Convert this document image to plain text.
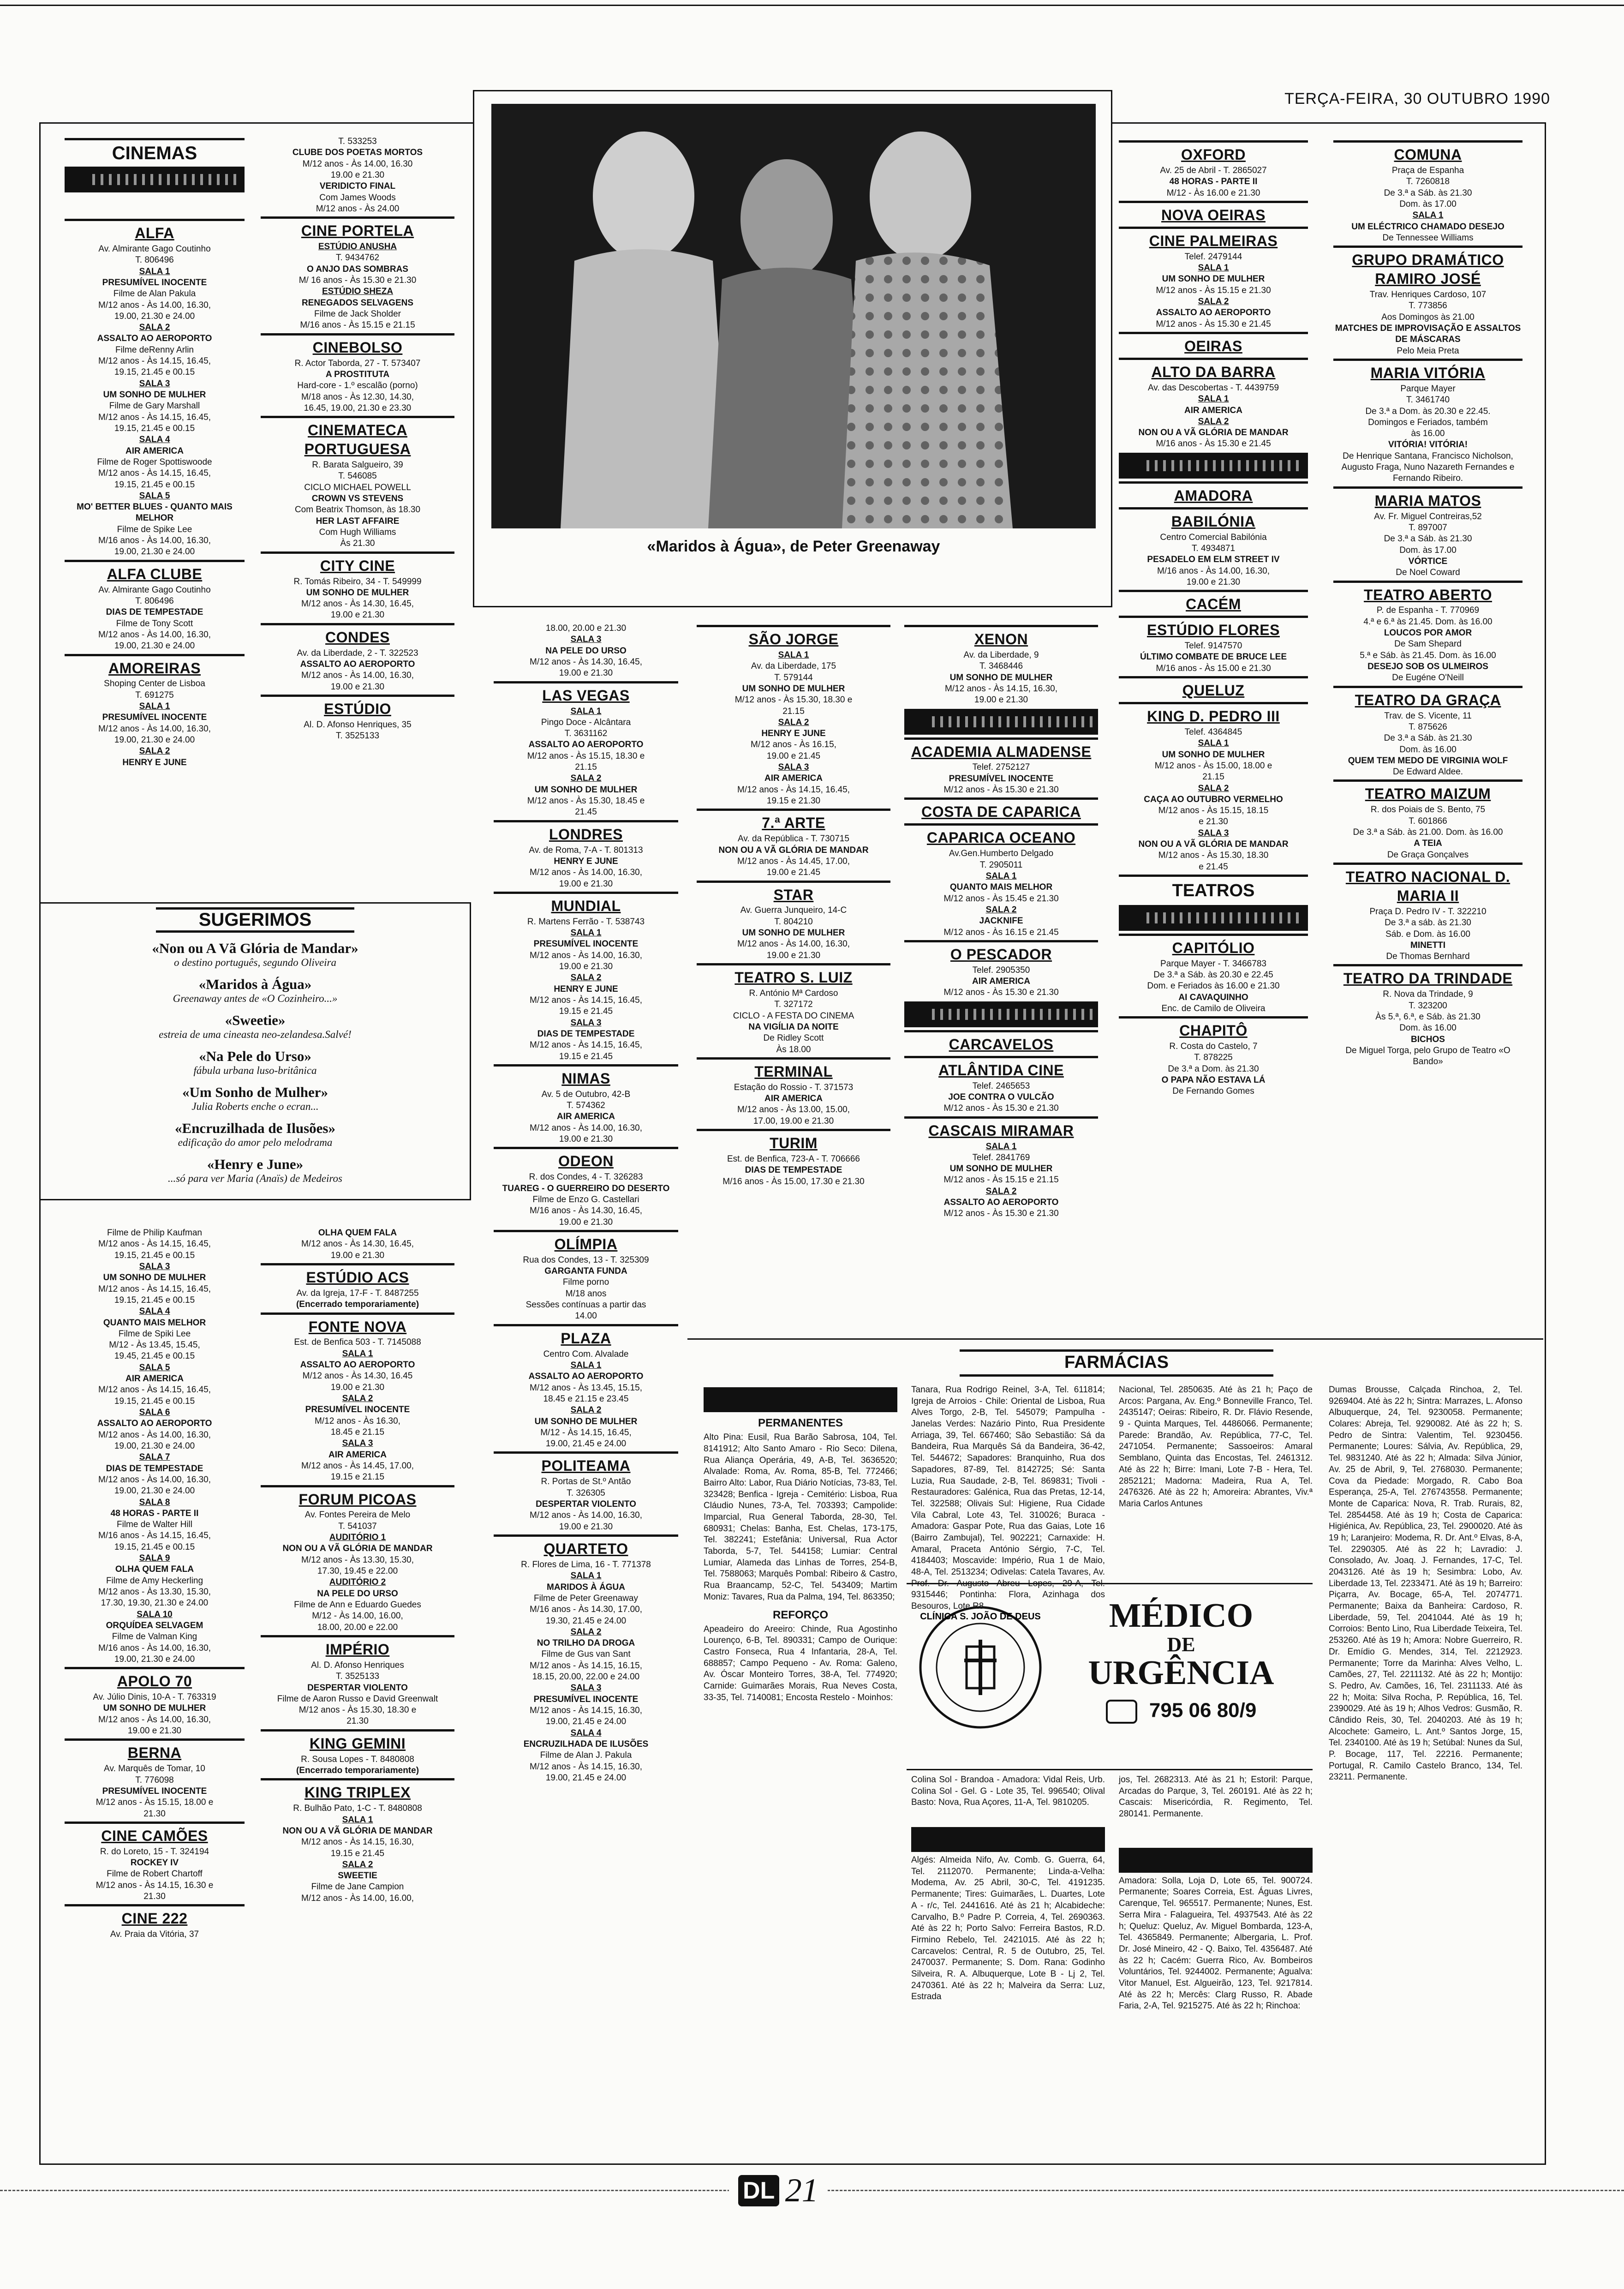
TERÇA-FEIRA, 30 OUTUBRO 1990
CINEMAS
ALFA
Av. Almirante Gago Coutinho
T. 806496
SALA 1
PRESUMÍVEL INOCENTE
Filme de Alan Pakula
M/12 anos - Às 14.00, 16.30,
19.00, 21.30 e 24.00
SALA 2
ASSALTO AO AEROPORTO
Filme deRenny Arlin
M/12 anos - Às 14.15, 16.45,
19.15, 21.45 e 00.15
SALA 3
UM SONHO DE MULHER
Filme de Gary Marshall
M/12 anos - Às 14.15, 16.45,
19.15, 21.45 e 00.15
SALA 4
AIR AMERICA
Filme de Roger Spottiswoode
M/12 anos - Às 14.15, 16.45,
19.15, 21.45 e 00.15
SALA 5
MO' BETTER BLUES - QUANTO MAIS MELHOR
Filme de Spike Lee
M/16 anos - Às 14.00, 16.30,
19.00, 21.30 e 24.00
ALFA CLUBE
Av. Almirante Gago Coutinho
T. 806496
DIAS DE TEMPESTADE
Filme de Tony Scott
M/12 anos - Às 14.00, 16.30,
19.00, 21.30 e 24.00
AMOREIRAS
Shoping Center de Lisboa
T. 691275
SALA 1
PRESUMÍVEL INOCENTE
M/12 anos - Às 14.00, 16.30,
19.00, 21.30 e 24.00
SALA 2
HENRY E JUNE
T. 533253
CLUBE DOS POETAS MORTOS
M/12 anos - Às 14.00, 16.30
19.00 e 21.30
VERIDICTO FINAL
Com James Woods
M/12 anos - Às 24.00
CINE PORTELA
ESTÚDIO ANUSHA
T. 9434762
O ANJO DAS SOMBRAS
M/ 16 anos - Às 15.30 e 21.30
ESTÚDIO SHEZA
RENEGADOS SELVAGENS
Filme de Jack Sholder
M/16 anos - Às 15.15 e 21.15
CINEBOLSO
R. Actor Taborda, 27 - T. 573407
A PROSTITUTA
Hard-core - 1.º escalão (porno)
M/18 anos - Às 12.30, 14.30,
16.45, 19.00, 21.30 e 23.30
CINEMATECA PORTUGUESA
R. Barata Salgueiro, 39
T. 546085
CICLO MICHAEL POWELL
CROWN VS STEVENS
Com Beatrix Thomson, às 18.30
HER LAST AFFAIRE
Com Hugh Williams
Às 21.30
CITY CINE
R. Tomás Ribeiro, 34 - T. 549999
UM SONHO DE MULHER
M/12 anos - Às 14.30, 16.45,
19.00 e 21.30
CONDES
Av. da Liberdade, 2 - T. 322523
ASSALTO AO AEROPORTO
M/12 anos - Às 14.00, 16.30,
19.00 e 21.30
ESTÚDIO
Al. D. Afonso Henriques, 35
T. 3525133
Filme de Philip Kaufman
M/12 anos - Às 14.15, 16.45,
19.15, 21.45 e 00.15
SALA 3
UM SONHO DE MULHER
M/12 anos - Às 14.15, 16.45,
19.15, 21.45 e 00.15
SALA 4
QUANTO MAIS MELHOR
Filme de Spiki Lee
M/12 - Às 13.45, 15.45,
19.45, 21.45 e 00.15
SALA 5
AIR AMERICA
M/12 anos - Às 14.15, 16.45,
19.15, 21.45 e 00.15
SALA 6
ASSALTO AO AEROPORTO
M/12 anos - Às 14.00, 16.30,
19.00, 21.30 e 24.00
SALA 7
DIAS DE TEMPESTADE
M/12 anos - Às 14.00, 16.30,
19.00, 21.30 e 24.00
SALA 8
48 HORAS - PARTE II
Filme de Walter Hill
M/16 anos - Às 14.15, 16.45,
19.15, 21.45 e 00.15
SALA 9
OLHA QUEM FALA
Filme de Amy Heckerling
M/12 anos - Às 13.30, 15.30,
17.30, 19.30, 21.30 e 24.00
SALA 10
ORQUÍDEA SELVAGEM
Filme de Valman King
M/16 anos - Às 14.00, 16.30,
19.00, 21.30 e 24.00
APOLO 70
Av. Júlio Dinis, 10-A - T. 763319
UM SONHO DE MULHER
M/12 anos - Às 14.00, 16.30,
19.00 e 21.30
BERNA
Av. Marquês de Tomar, 10
T. 776098
PRESUMÍVEL INOCENTE
M/12 anos - Às 15.15, 18.00 e
21.30
CINE CAMÕES
R. do Loreto, 15 - T. 324194
ROCKEY IV
Filme de Robert Chartoff
M/12 anos - Às 14.15, 16.30 e
21.30
CINE 222
Av. Praia da Vitória, 37
OLHA QUEM FALA
M/12 anos - Às 14.30, 16.45,
19.00 e 21.30
ESTÚDIO ACS
Av. da Igreja, 17-F - T. 8487255
(Encerrado temporariamente)
FONTE NOVA
Est. de Benfica 503 - T. 7145088
SALA 1
ASSALTO AO AEROPORTO
M/12 anos - Às 14.30, 16.45
19.00 e 21.30
SALA 2
PRESUMÍVEL INOCENTE
M/12 anos - Às 16.30,
18.45 e 21.15
SALA 3
AIR AMERICA
M/12 anos - Às 14.45, 17.00,
19.15 e 21.15
FORUM PICOAS
Av. Fontes Pereira de Melo
T. 541037
AUDITÓRIO 1
NON OU A VÃ GLÓRIA DE MANDAR
M/12 anos - Às 13.30, 15.30,
17.30, 19.45 e 22.00
AUDITÓRIO 2
NA PELE DO URSO
Filme de Ann e Eduardo Guedes
M/12 - Às 14.00, 16.00,
18.00, 20.00 e 22.00
IMPÉRIO
Al. D. Afonso Henriques
T. 3525133
DESPERTAR VIOLENTO
Filme de Aaron Russo e David Greenwalt
M/12 anos - Às 15.30, 18.30 e
21.30
KING GEMINI
R. Sousa Lopes - T. 8480808
(Encerrado temporariamente)
KING TRIPLEX
R. Bulhão Pato, 1-C - T. 8480808
SALA 1
NON OU A VÃ GLÓRIA DE MANDAR
M/12 anos - Às 14.15, 16.30,
19.15 e 21.45
SALA 2
SWEETIE
Filme de Jane Campion
M/12 anos - Às 14.00, 16.00,
18.00, 20.00 e 21.30
SALA 3
NA PELE DO URSO
M/12 anos - Às 14.30, 16.45,
19.00 e 21.30
LAS VEGAS
SALA 1
Pingo Doce - Alcântara
T. 3631162
ASSALTO AO AEROPORTO
M/12 anos - Às 15.15, 18.30 e
21.15
SALA 2
UM SONHO DE MULHER
M/12 anos - Às 15.30, 18.45 e
21.45
LONDRES
Av. de Roma, 7-A - T. 801313
HENRY E JUNE
M/12 anos - Às 14.00, 16.30,
19.00 e 21.30
MUNDIAL
R. Martens Ferrão - T. 538743
SALA 1
PRESUMÍVEL INOCENTE
M/12 anos - Às 14.00, 16.30,
19.00 e 21.30
SALA 2
HENRY E JUNE
M/12 anos - Às 14.15, 16.45,
19.15 e 21.45
SALA 3
DIAS DE TEMPESTADE
M/12 anos - Às 14.15, 16.45,
19.15 e 21.45
NIMAS
Av. 5 de Outubro, 42-B
T. 574362
AIR AMERICA
M/12 anos - Às 14.00, 16.30,
19.00 e 21.30
ODEON
R. dos Condes, 4 - T. 326283
TUAREG - O GUERREIRO DO DESERTO
Filme de Enzo G. Castellari
M/16 anos - Às 14.30, 16.45,
19.00 e 21.30
OLÍMPIA
Rua dos Condes, 13 - T. 325309
GARGANTA FUNDA
Filme porno
M/18 anos
Sessões contínuas a partir das
14.00
PLAZA
Centro Com. Alvalade
SALA 1
ASSALTO AO AEROPORTO
M/12 anos - Às 13.45, 15.15,
18.45 e 21.15 e 23.45
SALA 2
UM SONHO DE MULHER
M/12 - Às 14.15, 16.45,
19.00, 21.45 e 24.00
POLITEAMA
R. Portas de St.º Antão
T. 326305
DESPERTAR VIOLENTO
M/12 anos - Às 14.00, 16.30,
19.00 e 21.30
QUARTETO
R. Flores de Lima, 16 - T. 771378
SALA 1
MARIDOS À ÁGUA
Filme de Peter Greenaway
M/16 anos - Às 14.30, 17.00,
19.30, 21.45 e 24.00
SALA 2
NO TRILHO DA DROGA
Filme de Gus van Sant
M/12 anos - Às 14.15, 16.15,
18.15, 20.00, 22.00 e 24.00
SALA 3
PRESUMÍVEL INOCENTE
M/12 anos - Às 14.15, 16.30,
19.00, 21.45 e 24.00
SALA 4
ENCRUZILHADA DE ILUSÕES
Filme de Alan J. Pakula
M/12 anos - Às 14.15, 16.30,
19.00, 21.45 e 24.00
SÃO JORGE
SALA 1
Av. da Liberdade, 175
T. 579144
UM SONHO DE MULHER
M/12 anos - Às 15.30, 18.30 e
21.15
SALA 2
HENRY E JUNE
M/12 anos - Às 16.15,
19.00 e 21.45
SALA 3
AIR AMERICA
M/12 anos - Às 14.15, 16.45,
19.15 e 21.30
7.ª ARTE
Av. da República - T. 730715
NON OU A VÃ GLÓRIA DE MANDAR
M/12 anos - Às 14.45, 17.00,
19.00 e 21.45
STAR
Av. Guerra Junqueiro, 14-C
T. 804210
UM SONHO DE MULHER
M/12 anos - Às 14.00, 16.30,
19.00 e 21.30
TEATRO S. LUIZ
R. António Mª Cardoso
T. 327172
CICLO - A FESTA DO CINEMA
NA VIGÍLIA DA NOITE
De Ridley Scott
Às 18.00
TERMINAL
Estação do Rossio - T. 371573
AIR AMERICA
M/12 anos - Às 13.00, 15.00,
17.00, 19.00 e 21.30
TURIM
Est. de Benfica, 723-A - T. 706666
DIAS DE TEMPESTADE
M/16 anos - Às 15.00, 17.30 e 21.30
XENON
Av. da Liberdade, 9
T. 3468446
UM SONHO DE MULHER
M/12 anos - Às 14.15, 16.30,
19.00 e 21.30
ACADEMIA ALMADENSE
Telef. 2752127
PRESUMÍVEL INOCENTE
M/12 anos - Às 15.30 e 21.30
COSTA DE CAPARICA
CAPARICA OCEANO
Av.Gen.Humberto Delgado
T. 2905011
SALA 1
QUANTO MAIS MELHOR
M/12 anos - Às 15.45 e 21.30
SALA 2
JACKNIFE
M/12 anos - Às 16.15 e 21.45
O PESCADOR
Telef. 2905350
AIR AMERICA
M/12 anos - Às 15.30 e 21.30
CARCAVELOS
ATLÂNTIDA CINE
Telef. 2465653
JOE CONTRA O VULCÃO
M/12 anos - Às 15.30 e 21.30
CASCAIS MIRAMAR
SALA 1
Telef. 2841769
UM SONHO DE MULHER
M/12 anos - Às 15.15 e 21.15
SALA 2
ASSALTO AO AEROPORTO
M/12 anos - Às 15.30 e 21.30
OXFORD
Av. 25 de Abril - T. 2865027
48 HORAS - PARTE II
M/12 - Às 16.00 e 21.30
NOVA OEIRAS
CINE PALMEIRAS
Telef. 2479144
SALA 1
UM SONHO DE MULHER
M/12 anos - Às 15.15 e 21.30
SALA 2
ASSALTO AO AEROPORTO
M/12 anos - Às 15.30 e 21.45
OEIRAS
ALTO DA BARRA
Av. das Descobertas - T. 4439759
SALA 1
AIR AMERICA
SALA 2
NON OU A VÃ GLÓRIA DE MANDAR
M/16 anos - Às 15.30 e 21.45
AMADORA
BABILÓNIA
Centro Comercial Babilónia
T. 4934871
PESADELO EM ELM STREET IV
M/16 anos - Às 14.00, 16.30,
19.00 e 21.30
CACÉM
ESTÚDIO FLORES
Telef. 9147570
ÚLTIMO COMBATE DE BRUCE LEE
M/16 anos - Às 15.00 e 21.30
QUELUZ
KING D. PEDRO III
Telef. 4364845
SALA 1
UM SONHO DE MULHER
M/12 anos - Às 15.00, 18.00 e
21.15
SALA 2
CAÇA AO OUTUBRO VERMELHO
M/12 anos - Às 15.15, 18.15
e 21.30
SALA 3
NON OU A VÃ GLÓRIA DE MANDAR
M/12 anos - Às 15.30, 18.30
e 21.45
TEATROS
CAPITÓLIO
Parque Mayer - T. 3466783
De 3.ª a Sáb. às 20.30 e 22.45
Dom. e Feriados às 16.00 e 21.30
AI CAVAQUINHO
Enc. de Camilo de Oliveira
CHAPITÔ
R. Costa do Castelo, 7
T. 878225
De 3.ª a Dom. às 21.30
O PAPA NÃO ESTAVA LÁ
De Fernando Gomes
COMUNA
Praça de Espanha
T. 7260818
De 3.ª a Sáb. às 21.30
Dom. às 17.00
SALA 1
UM ELÉCTRICO CHAMADO DESEJO
De Tennessee Williams
GRUPO DRAMÁTICO RAMIRO JOSÉ
Trav. Henriques Cardoso, 107
T. 773856
Aos Domingos às 21.00
MATCHES DE IMPROVISAÇÃO E ASSALTOS DE MÁSCARAS
Pelo Meia Preta
MARIA VITÓRIA
Parque Mayer
T. 3461740
De 3.ª a Dom. às 20.30 e 22.45.
Domingos e Feriados, também
às 16.00
VITÓRIA! VITÓRIA!
De Henrique Santana, Francisco Nicholson, Augusto Fraga, Nuno Nazareth Fernandes e Fernando Ribeiro.
MARIA MATOS
Av. Fr. Miguel Contreiras,52
T. 897007
De 3.ª a Sáb. às 21.30
Dom. às 17.00
VÓRTICE
De Noel Coward
TEATRO ABERTO
P. de Espanha - T. 770969
4.ª e 6.ª às 21.45. Dom. às 16.00
LOUCOS POR AMOR
De Sam Shepard
5.ª e Sáb. às 21.45. Dom. às 16.00
DESEJO SOB OS ULMEIROS
De Eugéne O'Neill
TEATRO DA GRAÇA
Trav. de S. Vicente, 11
T. 875626
De 3.ª a Sáb. às 21.30
Dom. às 16.00
QUEM TEM MEDO DE VIRGINIA WOLF
De Edward Aldee.
TEATRO MAIZUM
R. dos Poiais de S. Bento, 75
T. 601866
De 3.ª a Sáb. às 21.00. Dom. às 16.00
A TEIA
De Graça Gonçalves
TEATRO NACIONAL D. MARIA II
Praça D. Pedro IV - T. 322210
De 3.ª a sáb. às 21.30
Sáb. e Dom. às 16.00
MINETTI
De Thomas Bernhard
TEATRO DA TRINDADE
R. Nova da Trindade, 9
T. 323200
Às 5.ª, 6.ª, e Sáb. às 21.30
Dom. às 16.00
BICHOS
De Miguel Torga, pelo Grupo de Teatro «O Bando»
«Maridos à Água», de Peter Greenaway
SUGERIMOS
«Non ou A Vã Glória de Mandar»
o destino português, segundo Oliveira
«Maridos à Água»
Greenaway antes de «O Cozinheiro...»
«Sweetie»
estreia de uma cineasta neo-zelandesa.Salvé!
«Na Pele do Urso»
fábula urbana luso-britânica
«Um Sonho de Mulher»
Julia Roberts enche o ecran...
«Encruzilhada de Ilusões»
edificação do amor pelo melodrama
«Henry e June»
...só para ver Maria (Anaïs) de Medeiros
FARMÁCIAS
PERMANENTES
Alto Pina: Eusil, Rua Barão Sabrosa, 104, Tel. 8141912; Alto Santo Amaro - Rio Seco: Dilena, Rua Aliança Operária, 49, A-B, Tel. 3636520; Alvalade: Roma, Av. Roma, 85-B, Tel. 772466; Bairro Alto: Labor, Rua Diário Notícias, 73-83, Tel. 323428; Benfica - Igreja - Cemitério: Lisboa, Rua Cláudio Nunes, 73-A, Tel. 703393; Campolide: Imparcial, Rua General Taborda, 28-30, Tel. 680931; Chelas: Banha, Est. Chelas, 173-175, Tel. 382241; Estefânia: Universal, Rua Actor Taborda, 5-7, Tel. 544158; Lumiar: Central Lumiar, Alameda das Linhas de Torres, 254-B, Tel. 7588063; Marquês Pombal: Ribeiro & Castro, Rua Braancamp, 52-C, Tel. 543409; Martim Moniz: Tavares, Rua da Palma, 194, Tel. 863350;
REFORÇO
Apeadeiro do Areeiro: Chinde, Rua Agostinho Lourenço, 6-B, Tel. 890331; Campo de Ourique: Castro Fonseca, Rua 4 Infantaria, 28-A, Tel. 688857; Campo Pequeno - Av. Roma: Galeno, Av. Óscar Monteiro Torres, 38-A, Tel. 774920; Carnide: Guimarães Morais, Rua Neves Costa, 33-35, Tel. 7140081; Encosta Restelo - Moinhos:
Tanara, Rua Rodrigo Reinel, 3-A, Tel. 611814; Igreja de Arroios - Chile: Oriental de Lisboa, Rua Alves Torgo, 2-B, Tel. 545079; Pampulha - Janelas Verdes: Nazário Pinto, Rua Presidente Arriaga, 39, Tel. 667460; São Sebastião: Sá da Bandeira, Rua Marquês Sá da Bandeira, 36-42, Tel. 544672; Sapadores: Branquinho, Rua dos Sapadores, 87-89, Tel. 8142725; Sé: Santa Luzia, Rua Saudade, 2-B, Tel. 869831; Tivoli - Restauradores: Galénica, Rua das Pretas, 12-14, Tel. 322588; Olivais Sul: Higiene, Rua Cidade Vila Cabral, Lote 43, Tel. 310026; Buraca - Amadora: Gaspar Pote, Rua das Gaias, Lote 16 (Bairro Zambujal), Tel. 902221; Carnaxide: H. Amaral, Praceta António Sérgio, 7-C, Tel. 4184403; Moscavide: Império, Rua 1 de Maio, 48-A, Tel. 2513234; Odivelas: Catela Tavares, Av. Prof. Dr. Augusto Abreu Lopes, 29-A, Tel. 9315446; Pontinha: Flora, Azinhaga dos Besouros, Lote R8.
Nacional, Tel. 2850635. Até às 21 h; Paço de Arcos: Pargana, Av. Eng.º Bonneville Franco, Tel. 2435147; Oeiras: Ribeiro, R. Dr. Flávio Resende, 9 - Quinta Marques, Tel. 4486066. Permanente; Parede: Brandão, Av. República, 77-C, Tel. 2471054. Permanente; Sassoeiros: Amaral Semblano, Quinta das Encostas, Tel. 2461312. Até às 22 h; Birre: Imani, Lote 7-B - Hera, Tel. 2852121; Madorna: Madeira, Rua A, Tel. 2476326. Até às 22 h; Amoreira: Abrantes, Viv.ª Maria Carlos Antunes
Dumas Brousse, Calçada Rinchoa, 2, Tel. 9269404. Até às 22 h; Sintra: Marrazes, L. Afonso Albuquerque, 24, Tel. 9230058. Permanente; Colares: Abreja, Tel. 9290082. Até às 22 h; S. Pedro de Sintra: Valentim, Tel. 9230456. Permanente; Loures: Sálvia, Av. República, 29, Tel. 9831240. Até às 22 h; Almada: Silva Júnior, Av. 25 de Abril, 9, Tel. 2768030. Permanente; Cova da Piedade: Morgado, R. Cabo Boa Esperança, 25-A, Tel. 276743558. Permanente; Monte de Caparica: Nova, R. Trab. Rurais, 82, Tel. 2854458. Até às 19 h; Costa de Caparica: Higiénica, Av. República, 23, Tel. 2900020. Até às 19 h; Laranjeiro: Modema, R. Dr. Ant.º Elvas, 8-A, Tel. 2290305. Até às 22 h; Lavradio: J. Consolado, Av. Joaq. J. Fernandes, 17-C, Tel. 2043126. Até às 19 h; Sesimbra: Lobo, Av. Liberdade 13, Tel. 2233471. Até às 19 h; Barreiro: Piçarra, Av. Bocage, 65-A, Tel. 2074771. Permanente; Baixa da Banheira: Cardoso, R. Liberdade, 59, Tel. 2041044. Até às 19 h; Corroios: Bento Lino, Rua Liberdade Teixeira, Tel. 253260. Até às 19 h; Amora: Nobre Guerreiro, R. Dr. Emídio G. Mendes, 314, Tel. 2212923. Permanente; Torre da Marinha: Alves Velho, L. Camões, 27, Tel. 2211132. Até às 22 h; Montijo: S. Pedro, Av. Camões, 16, Tel. 2311133. Até às 22 h; Moita: Silva Rocha, P. República, 16, Tel. 2390029. Até às 19 h; Alhos Vedros: Gusmão, R. Cândido Reis, 30, Tel. 2040203. Até às 19 h; Alcochete: Gameiro, L. Ant.º Santos Jorge, 15, Tel. 2340100. Até às 19 h; Setúbal: Nunes da Sul, P. Bocage, 117, Tel. 22216. Permanente; Portugal, R. Camilo Castelo Branco, 134, Tel. 23211. Permanente.
CLÍNICA S. JOÃO DE DEUS	MÉDICO
DE
URGÊNCIA
795 06 80/9
Colina Sol - Brandoa - Amadora: Vidal Reis, Urb. Colina Sol - Gel. G - Lote 35, Tel. 996540; Olival Basto: Nova, Rua Açores, 11-A, Tel. 9810205.
Algés: Almeida Nifo, Av. Comb. G. Guerra, 64, Tel. 2112070. Permanente; Linda-a-Velha: Modema, Av. 25 Abril, 30-C, Tel. 4191235. Permanente; Tires: Guimarães, L. Duartes, Lote A - r/c, Tel. 2441616. Até às 21 h; Alcabideche: Carvalho, B.º Padre P. Correia, 4, Tel. 2690363. Até às 22 h; Porto Salvo: Ferreira Bastos, R.D. Firmino Rebelo, Tel. 2421015. Até às 22 h; Carcavelos: Central, R. 5 de Outubro, 25, Tel. 2470037. Permanente; S. Dom. Rana: Godinho Silveira, R. A. Albuquerque, Lote B - Lj 2, Tel. 2470361. Até às 22 h; Malveira da Serra: Luz, Estrada
jos, Tel. 2682313. Até às 21 h; Estoril: Parque, Arcadas do Parque, 3, Tel. 260191. Até às 22 h; Cascais: Misericórdia, R. Regimento, Tel. 280141. Permanente.
Amadora: Solla, Loja D, Lote 65, Tel. 900724. Permanente; Soares Correia, Est. Águas Livres, Carenque, Tel. 965517. Permanente; Nunes, Est. Serra Mira - Falagueira, Tel. 4937543. Até às 22 h; Queluz: Queluz, Av. Miguel Bombarda, 123-A, Tel. 4365849. Permanente; Albergaria, L. Prof. Dr. José Mineiro, 42 - Q. Baixo, Tel. 4356487. Até às 22 h; Cacém: Guerra Rico, Av. Bombeiros Voluntários, Tel. 9244002. Permanente; Agualva: Vitor Manuel, Est. Algueirão, 123, Tel. 9217814. Até às 22 h; Mercês: Clarg Russo, R. Abade Faria, 2-A, Tel. 9215275. Até às 22 h; Rinchoa:
DL 21
